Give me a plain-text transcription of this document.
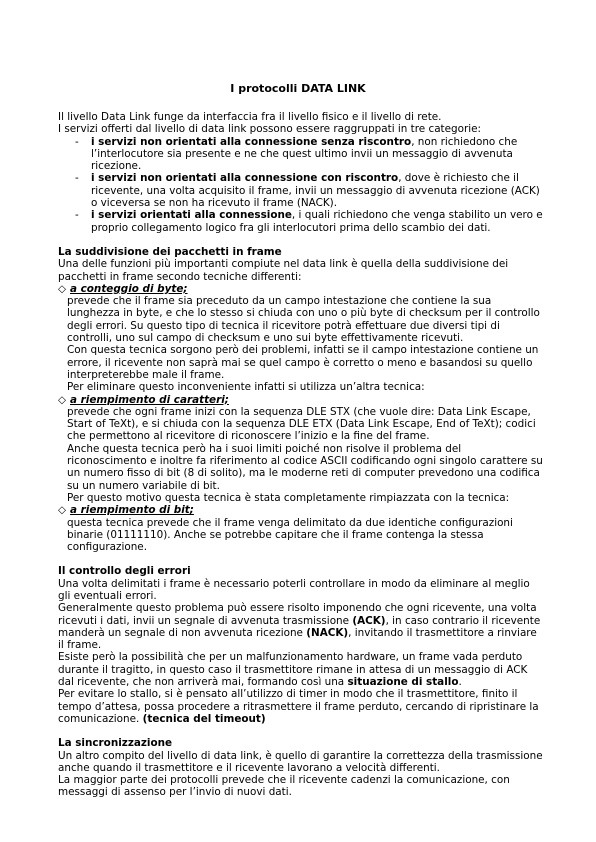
I protocolli DATA LINK

Il livello Data Link funge da interfaccia fra il livello fisico e il livello di rete.

I servizi offerti dal livello di data link possono essere raggruppati in tre categorie:

- i servizi non orientati alla connessione senza riscontro, non richiedono che l’interlocutore sia presente e ne che quest ultimo invii un messaggio di avvenuta ricezione.
- i servizi non orientati alla connessione con riscontro, dove è richiesto che il ricevente, una volta acquisito il frame, invii un messaggio di avvenuta ricezione (ACK) o viceversa se non ha ricevuto il frame (NACK).
- i servizi orientati alla connessione, i quali richiedono che venga stabilito un vero e proprio collegamento logico fra gli interlocutori prima dello scambio dei dati.

La suddivisione dei pacchetti in frame

Una delle funzioni più importanti compiute nel data link è quella della suddivisione dei pacchetti in frame secondo tecniche differenti:

◇ a conteggio di byte;

prevede che il frame sia preceduto da un campo intestazione che contiene la sua lunghezza in byte, e che lo stesso si chiuda con uno o più byte di checksum per il controllo degli errori. Su questo tipo di tecnica il ricevitore potrà effettuare due diversi tipi di controlli, uno sul campo di checksum e uno sui byte effettivamente ricevuti.

Con questa tecnica sorgono però dei problemi, infatti se il campo intestazione contiene un errore, il ricevente non saprà mai se quel campo è corretto o meno e basandosi su quello interpreterebbe male il frame.

Per eliminare questo inconveniente infatti si utilizza un’altra tecnica:

◇ a riempimento di caratteri;

prevede che ogni frame inizi con la sequenza DLE STX (che vuole dire: Data Link Escape, Start of TeXt), e si chiuda con la sequenza DLE ETX (Data Link Escape, End of TeXt); codici che permettono al ricevitore di riconoscere l’inizio e la fine del frame.

Anche questa tecnica però ha i suoi limiti poiché non risolve il problema del riconoscimento e inoltre fa riferimento al codice ASCII codificando ogni singolo carattere su un numero fisso di bit (8 di solito), ma le moderne reti di computer prevedono una codifica su un numero variabile di bit.

Per questo motivo questa tecnica è stata completamente rimpiazzata con la tecnica:

◇ a riempimento di bit;

questa tecnica prevede che il frame venga delimitato da due identiche configurazioni binarie (01111110). Anche se potrebbe capitare che il frame contenga la stessa configurazione.

Il controllo degli errori

Una volta delimitati i frame è necessario poterli controllare in modo da eliminare al meglio gli eventuali errori.

Generalmente questo problema può essere risolto imponendo che ogni ricevente, una volta ricevuti i dati, invii un segnale di avvenuta trasmissione (ACK), in caso contrario il ricevente manderà un segnale di non avvenuta ricezione (NACK), invitando il trasmettitore a rinviare il frame.

Esiste però la possibilità che per un malfunzionamento hardware, un frame vada perduto durante il tragitto, in questo caso il trasmettitore rimane in attesa di un messaggio di ACK dal ricevente, che non arriverà mai, formando così una situazione di stallo.

Per evitare lo stallo, si è pensato all’utilizzo di timer in modo che il trasmettitore, finito il tempo d’attesa, possa procedere a ritrasmettere il frame perduto, cercando di ripristinare la comunicazione. (tecnica del timeout)

La sincronizzazione

Un altro compito del livello di data link, è quello di garantire la correttezza della trasmissione anche quando il trasmettitore e il ricevente lavorano a velocità differenti.

La maggior parte dei protocolli prevede che il ricevente cadenzi la comunicazione, con messaggi di assenso per l’invio di nuovi dati.
